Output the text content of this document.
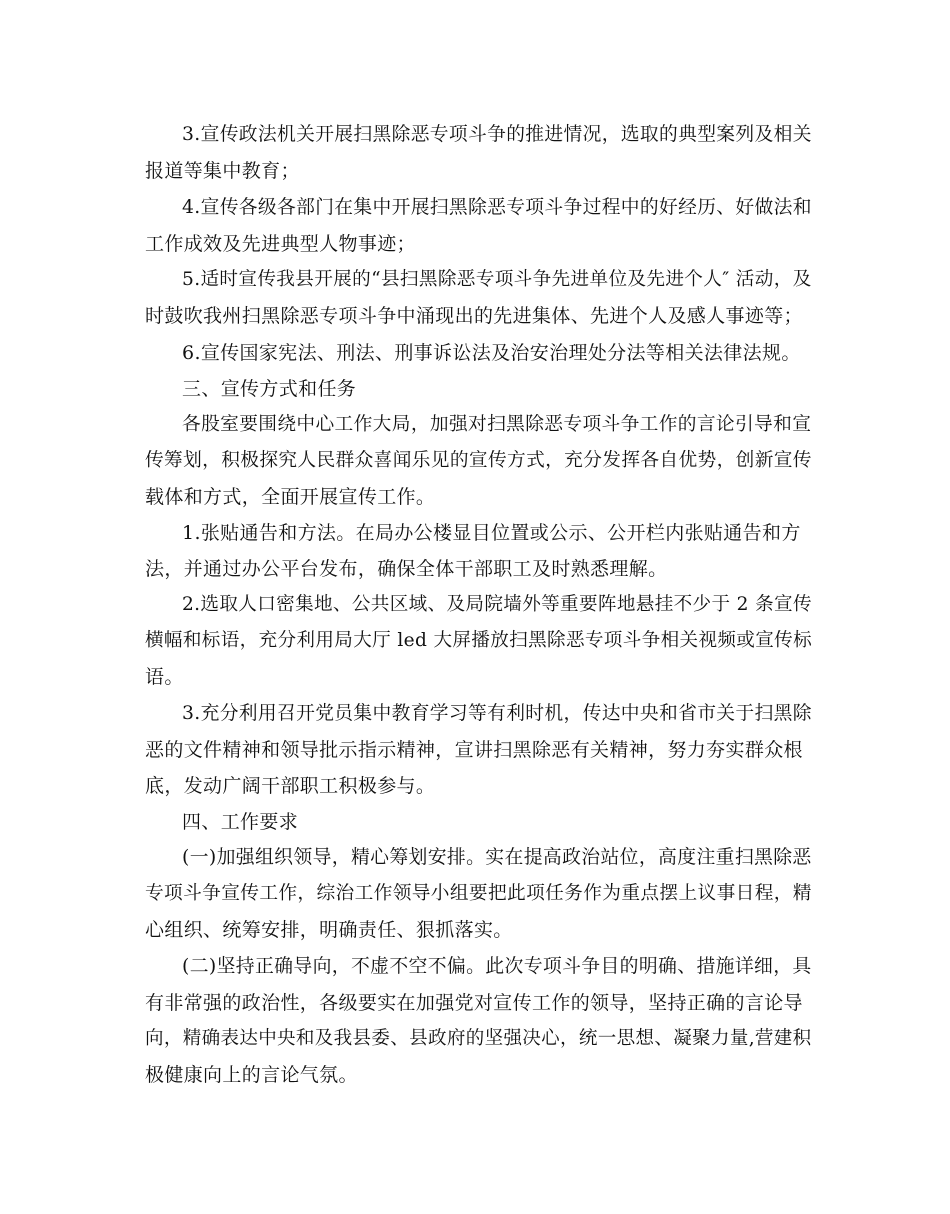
3.宣传政法机关开展扫黑除恶专项斗争的推进情况，选取的典型案列及相关
报道等集中教育；
4.宣传各级各部门在集中开展扫黑除恶专项斗争过程中的好经历、好做法和
工作成效及先进典型人物事迹；
5.适时宣传我县开展的“县扫黑除恶专项斗争先进单位及先进个人″ 活动，及
时鼓吹我州扫黑除恶专项斗争中涌现出的先进集体、先进个人及感人事迹等；
6.宣传国家宪法、刑法、刑事诉讼法及治安治理处分法等相关法律法规。
三、宣传方式和任务
各股室要围绕中心工作大局，加强对扫黑除恶专项斗争工作的言论引导和宣
传筹划，积极探究人民群众喜闻乐见的宣传方式，充分发挥各自优势，创新宣传
载体和方式，全面开展宣传工作。
1.张贴通告和方法。在局办公楼显目位置或公示、公开栏内张贴通告和方
法，并通过办公平台发布，确保全体干部职工及时熟悉理解。
2.选取人口密集地、公共区域、及局院墙外等重要阵地悬挂不少于 2 条宣传
横幅和标语，充分利用局大厅 led 大屏播放扫黑除恶专项斗争相关视频或宣传标
语。
3.充分利用召开党员集中教育学习等有利时机，传达中央和省市关于扫黑除
恶的文件精神和领导批示指示精神，宣讲扫黑除恶有关精神，努力夯实群众根
底，发动广阔干部职工积极参与。
四、工作要求
(一)加强组织领导，精心筹划安排。实在提高政治站位，高度注重扫黑除恶
专项斗争宣传工作，综治工作领导小组要把此项任务作为重点摆上议事日程，精
心组织、统筹安排，明确责任、狠抓落实。
(二)坚持正确导向，不虚不空不偏。此次专项斗争目的明确、措施详细，具
有非常强的政治性，各级要实在加强党对宣传工作的领导，坚持正确的言论导
向，精确表达中央和及我县委、县政府的坚强决心，统一思想、凝聚力量,营建积
极健康向上的言论气氛。
